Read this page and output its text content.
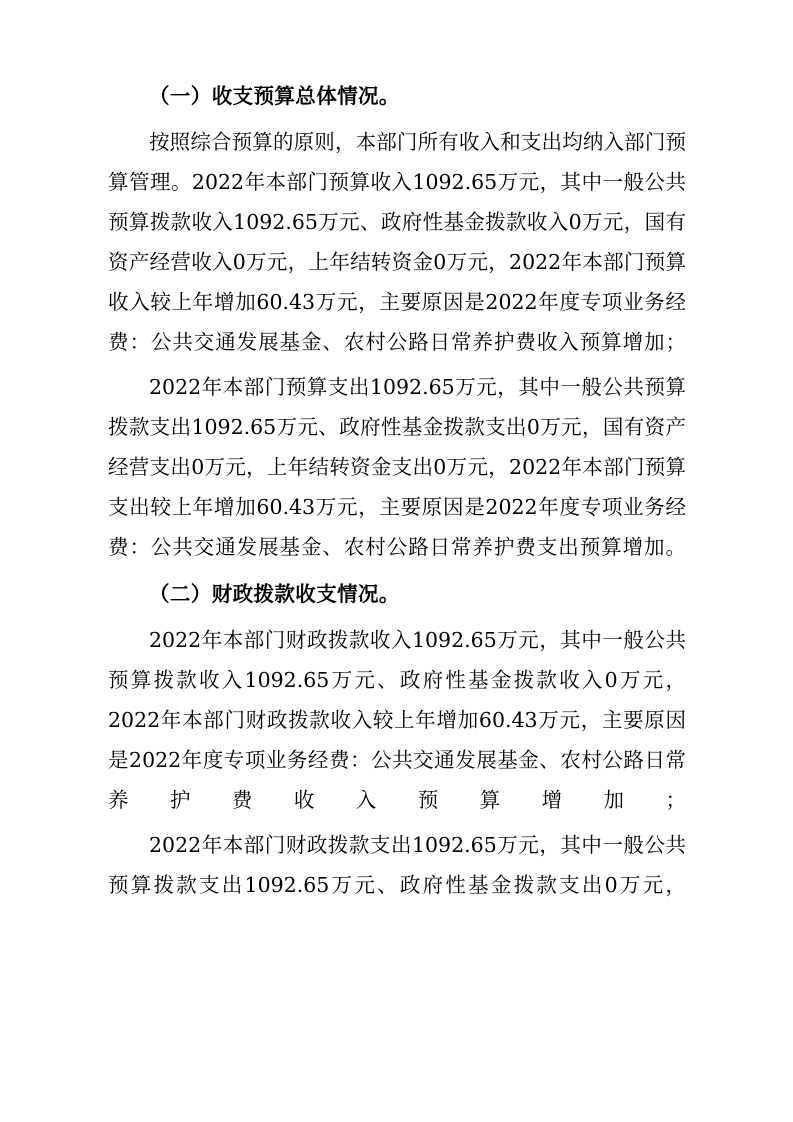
（一）收支预算总体情况。

按照综合预算的原则，本部门所有收入和支出均纳入部门预算管理。2022年本部门预算收入1092.65万元，其中一般公共预算拨款收入1092.65万元、政府性基金拨款收入0万元，国有资产经营收入0万元，上年结转资金0万元，2022年本部门预算收入较上年增加60.43万元，主要原因是2022年度专项业务经费：公共交通发展基金、农村公路日常养护费收入预算增加；

2022年本部门预算支出1092.65万元，其中一般公共预算拨款支出1092.65万元、政府性基金拨款支出0万元，国有资产经营支出0万元，上年结转资金支出0万元，2022年本部门预算支出较上年增加60.43万元，主要原因是2022年度专项业务经费：公共交通发展基金、农村公路日常养护费支出预算增加。

（二）财政拨款收支情况。

2022年本部门财政拨款收入1092.65万元，其中一般公共预算拨款收入1092.65万元、政府性基金拨款收入0万元，2022年本部门财政拨款收入较上年增加60.43万元，主要原因是2022年度专项业务经费：公共交通发展基金、农村公路日常养护费收入预算增加；

2022年本部门财政拨款支出1092.65万元，其中一般公共预算拨款支出1092.65万元、政府性基金拨款支出0万元，
